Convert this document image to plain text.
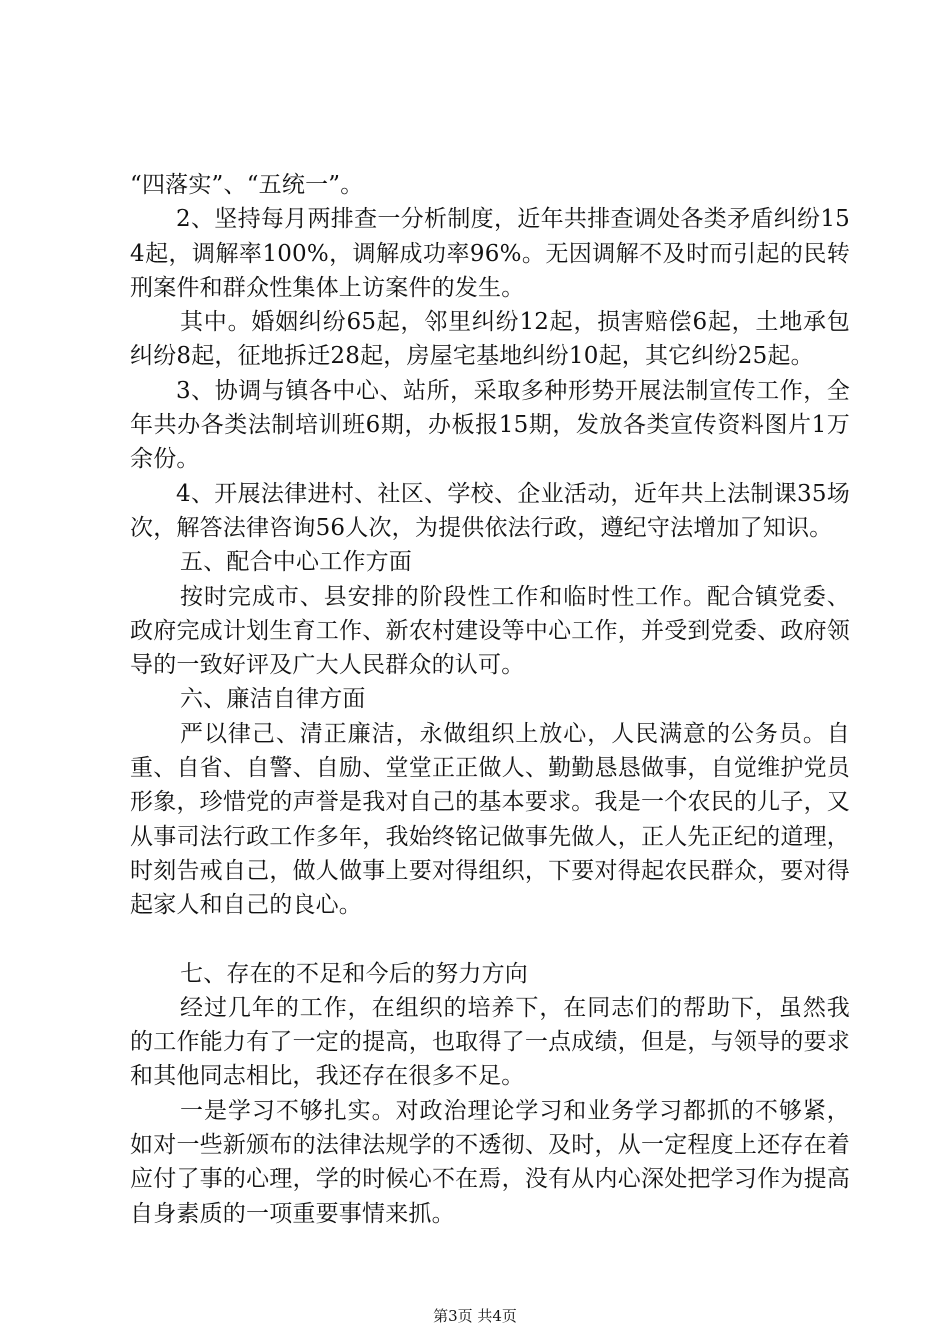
“四落实”、“五统一”。

2、坚持每月两排查一分析制度，近年共排查调处各类矛盾纠纷154起，调解率100%，调解成功率96%。无因调解不及时而引起的民转刑案件和群众性集体上访案件的发生。

其中。婚姻纠纷65起，邻里纠纷12起，损害赔偿6起，土地承包纠纷8起，征地拆迁28起，房屋宅基地纠纷10起，其它纠纷25起。

3、协调与镇各中心、站所，采取多种形势开展法制宣传工作，全年共办各类法制培训班6期，办板报15期，发放各类宣传资料图片1万余份。

4、开展法律进村、社区、学校、企业活动，近年共上法制课35场次，解答法律咨询56人次，为提供依法行政，遵纪守法增加了知识。

五、配合中心工作方面

按时完成市、县安排的阶段性工作和临时性工作。配合镇党委、政府完成计划生育工作、新农村建设等中心工作，并受到党委、政府领导的一致好评及广大人民群众的认可。

六、廉洁自律方面

严以律己、清正廉洁，永做组织上放心，人民满意的公务员。自重、自省、自警、自励、堂堂正正做人、勤勤恳恳做事，自觉维护党员形象，珍惜党的声誉是我对自己的基本要求。我是一个农民的儿子，又从事司法行政工作多年，我始终铭记做事先做人，正人先正纪的道理，时刻告戒自己，做人做事上要对得组织，下要对得起农民群众，要对得起家人和自己的良心。

七、存在的不足和今后的努力方向

经过几年的工作，在组织的培养下，在同志们的帮助下，虽然我的工作能力有了一定的提高，也取得了一点成绩，但是，与领导的要求和其他同志相比，我还存在很多不足。

一是学习不够扎实。对政治理论学习和业务学习都抓的不够紧，如对一些新颁布的法律法规学的不透彻、及时，从一定程度上还存在着应付了事的心理，学的时候心不在焉，没有从内心深处把学习作为提高自身素质的一项重要事情来抓。

第3页 共4页
